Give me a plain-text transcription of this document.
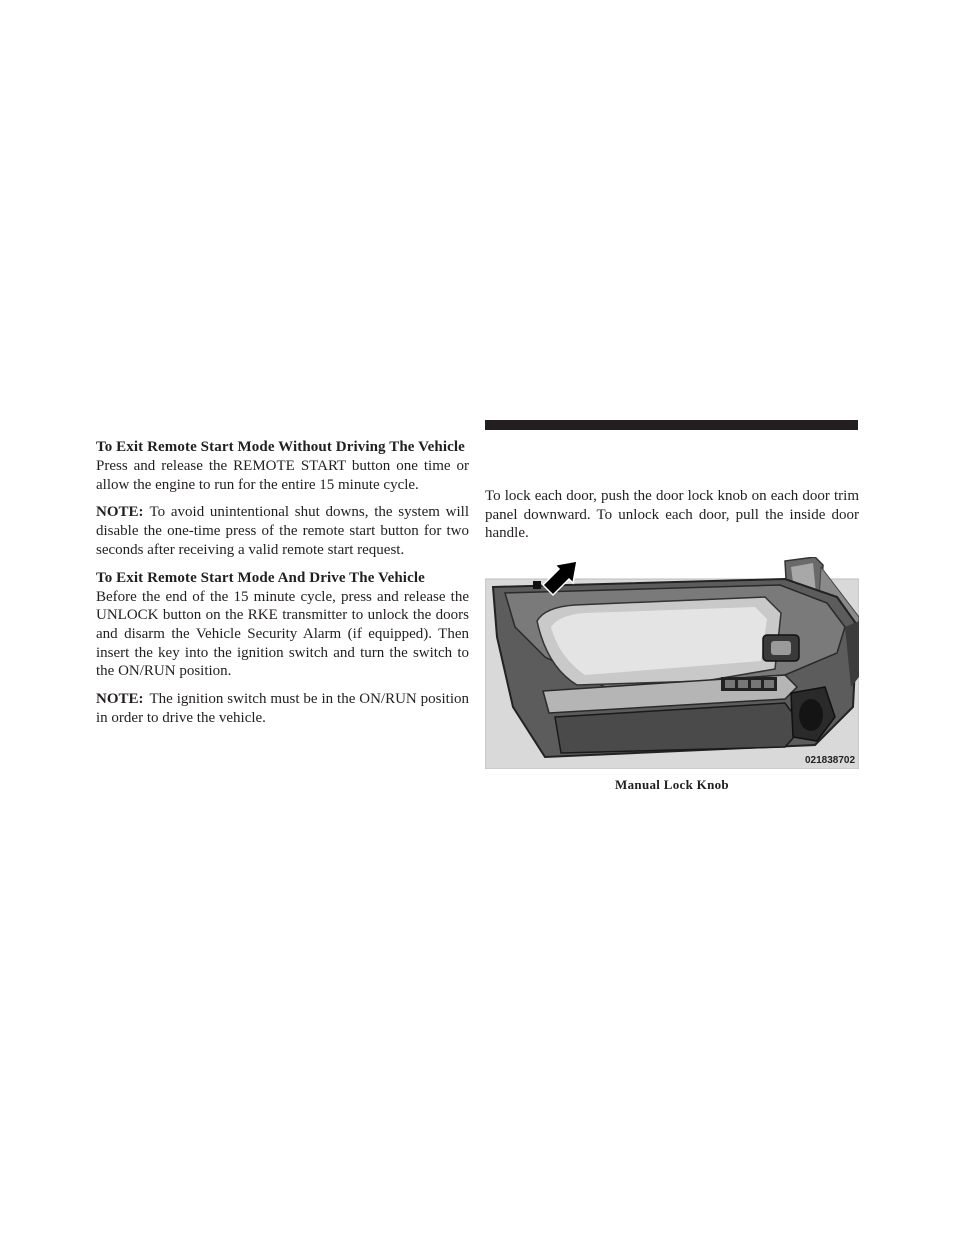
To Exit Remote Start Mode Without Driving The Vehicle

Press and release the REMOTE START button one time or allow the engine to run for the entire 15 minute cycle.

NOTE: To avoid unintentional shut downs, the system will disable the one-time press of the remote start button for two seconds after receiving a valid remote start request.

To Exit Remote Start Mode And Drive The Vehicle

Before the end of the 15 minute cycle, press and release the UNLOCK button on the RKE transmitter to unlock the doors and disarm the Vehicle Security Alarm (if equipped). Then insert the key into the ignition switch and turn the switch to the ON/RUN position.

NOTE: The ignition switch must be in the ON/RUN position in order to drive the vehicle.

To lock each door, push the door lock knob on each door trim panel downward. To unlock each door, pull the inside door handle.

021838702
Manual Lock Knob
